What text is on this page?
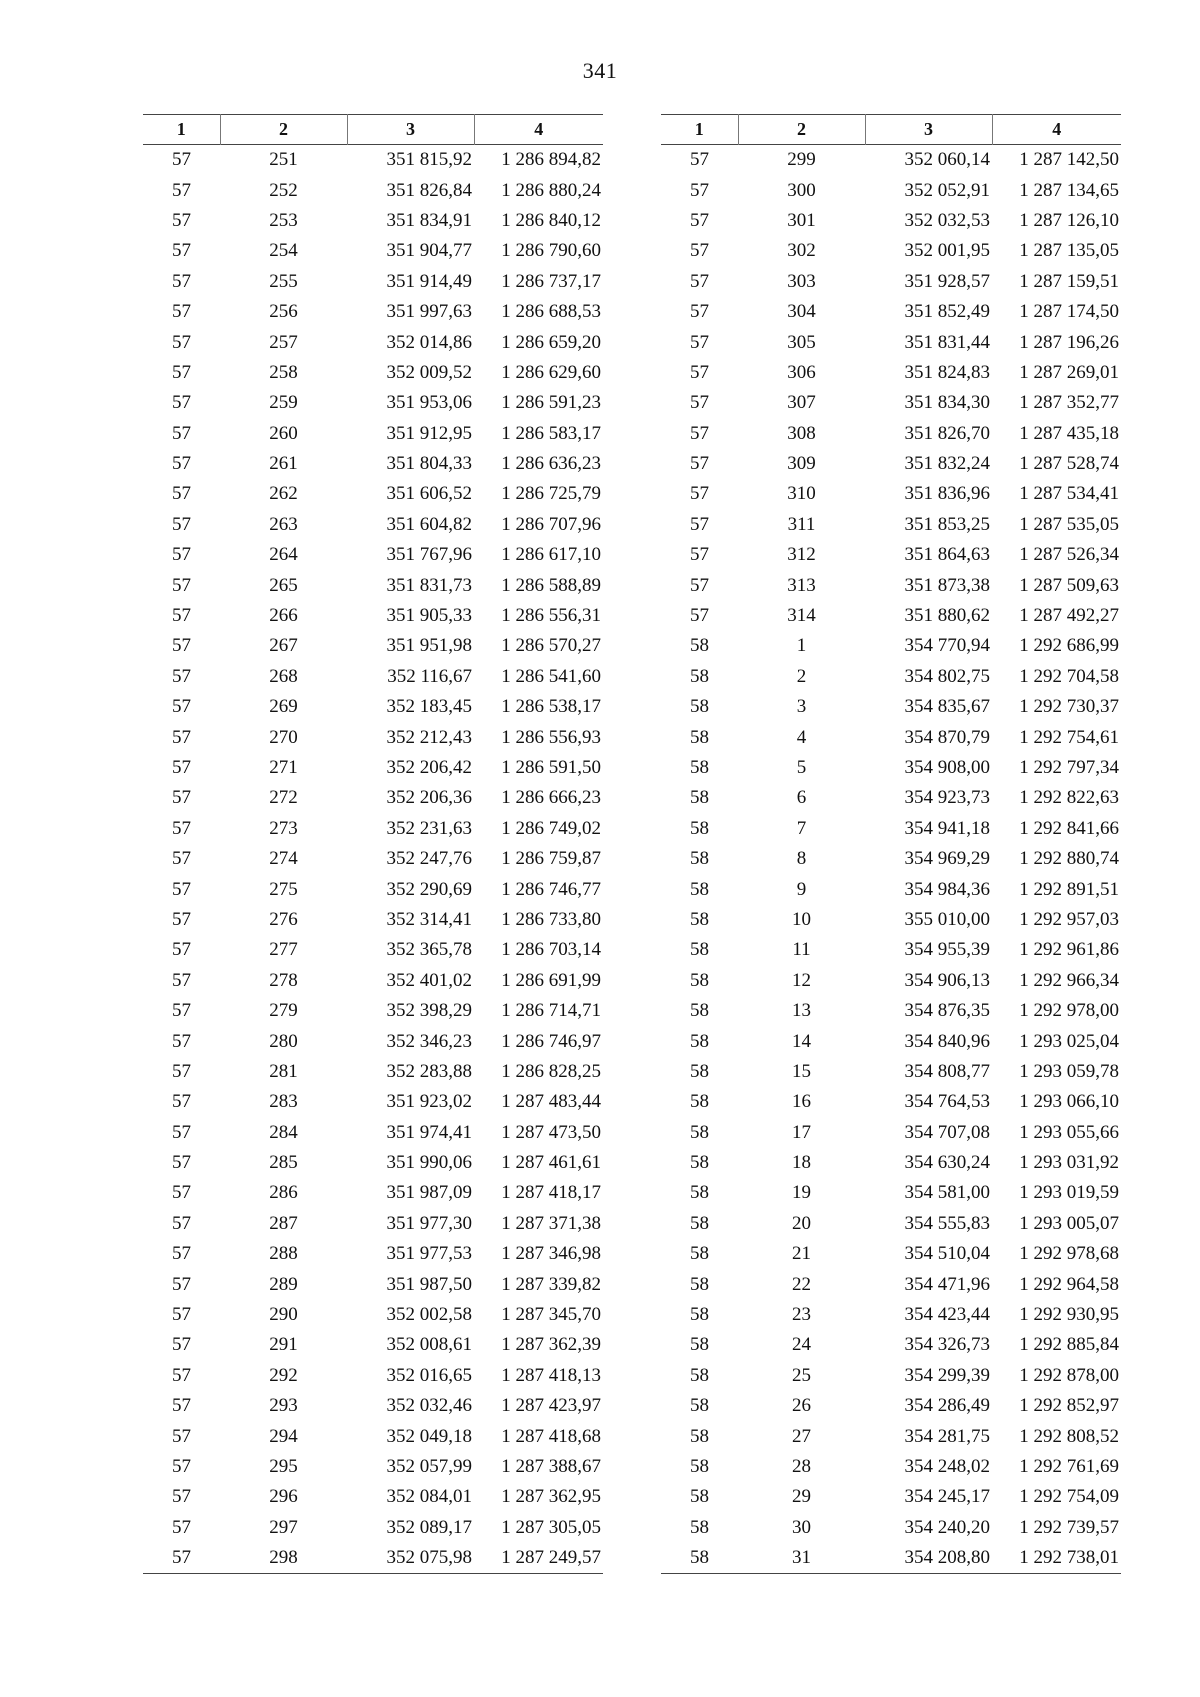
341
1	2	3	4
57	251	351 815,92	1 286 894,82
57	252	351 826,84	1 286 880,24
57	253	351 834,91	1 286 840,12
57	254	351 904,77	1 286 790,60
57	255	351 914,49	1 286 737,17
57	256	351 997,63	1 286 688,53
57	257	352 014,86	1 286 659,20
57	258	352 009,52	1 286 629,60
57	259	351 953,06	1 286 591,23
57	260	351 912,95	1 286 583,17
57	261	351 804,33	1 286 636,23
57	262	351 606,52	1 286 725,79
57	263	351 604,82	1 286 707,96
57	264	351 767,96	1 286 617,10
57	265	351 831,73	1 286 588,89
57	266	351 905,33	1 286 556,31
57	267	351 951,98	1 286 570,27
57	268	352 116,67	1 286 541,60
57	269	352 183,45	1 286 538,17
57	270	352 212,43	1 286 556,93
57	271	352 206,42	1 286 591,50
57	272	352 206,36	1 286 666,23
57	273	352 231,63	1 286 749,02
57	274	352 247,76	1 286 759,87
57	275	352 290,69	1 286 746,77
57	276	352 314,41	1 286 733,80
57	277	352 365,78	1 286 703,14
57	278	352 401,02	1 286 691,99
57	279	352 398,29	1 286 714,71
57	280	352 346,23	1 286 746,97
57	281	352 283,88	1 286 828,25
57	283	351 923,02	1 287 483,44
57	284	351 974,41	1 287 473,50
57	285	351 990,06	1 287 461,61
57	286	351 987,09	1 287 418,17
57	287	351 977,30	1 287 371,38
57	288	351 977,53	1 287 346,98
57	289	351 987,50	1 287 339,82
57	290	352 002,58	1 287 345,70
57	291	352 008,61	1 287 362,39
57	292	352 016,65	1 287 418,13
57	293	352 032,46	1 287 423,97
57	294	352 049,18	1 287 418,68
57	295	352 057,99	1 287 388,67
57	296	352 084,01	1 287 362,95
57	297	352 089,17	1 287 305,05
57	298	352 075,98	1 287 249,57
1	2	3	4
57	299	352 060,14	1 287 142,50
57	300	352 052,91	1 287 134,65
57	301	352 032,53	1 287 126,10
57	302	352 001,95	1 287 135,05
57	303	351 928,57	1 287 159,51
57	304	351 852,49	1 287 174,50
57	305	351 831,44	1 287 196,26
57	306	351 824,83	1 287 269,01
57	307	351 834,30	1 287 352,77
57	308	351 826,70	1 287 435,18
57	309	351 832,24	1 287 528,74
57	310	351 836,96	1 287 534,41
57	311	351 853,25	1 287 535,05
57	312	351 864,63	1 287 526,34
57	313	351 873,38	1 287 509,63
57	314	351 880,62	1 287 492,27
58	1	354 770,94	1 292 686,99
58	2	354 802,75	1 292 704,58
58	3	354 835,67	1 292 730,37
58	4	354 870,79	1 292 754,61
58	5	354 908,00	1 292 797,34
58	6	354 923,73	1 292 822,63
58	7	354 941,18	1 292 841,66
58	8	354 969,29	1 292 880,74
58	9	354 984,36	1 292 891,51
58	10	355 010,00	1 292 957,03
58	11	354 955,39	1 292 961,86
58	12	354 906,13	1 292 966,34
58	13	354 876,35	1 292 978,00
58	14	354 840,96	1 293 025,04
58	15	354 808,77	1 293 059,78
58	16	354 764,53	1 293 066,10
58	17	354 707,08	1 293 055,66
58	18	354 630,24	1 293 031,92
58	19	354 581,00	1 293 019,59
58	20	354 555,83	1 293 005,07
58	21	354 510,04	1 292 978,68
58	22	354 471,96	1 292 964,58
58	23	354 423,44	1 292 930,95
58	24	354 326,73	1 292 885,84
58	25	354 299,39	1 292 878,00
58	26	354 286,49	1 292 852,97
58	27	354 281,75	1 292 808,52
58	28	354 248,02	1 292 761,69
58	29	354 245,17	1 292 754,09
58	30	354 240,20	1 292 739,57
58	31	354 208,80	1 292 738,01
